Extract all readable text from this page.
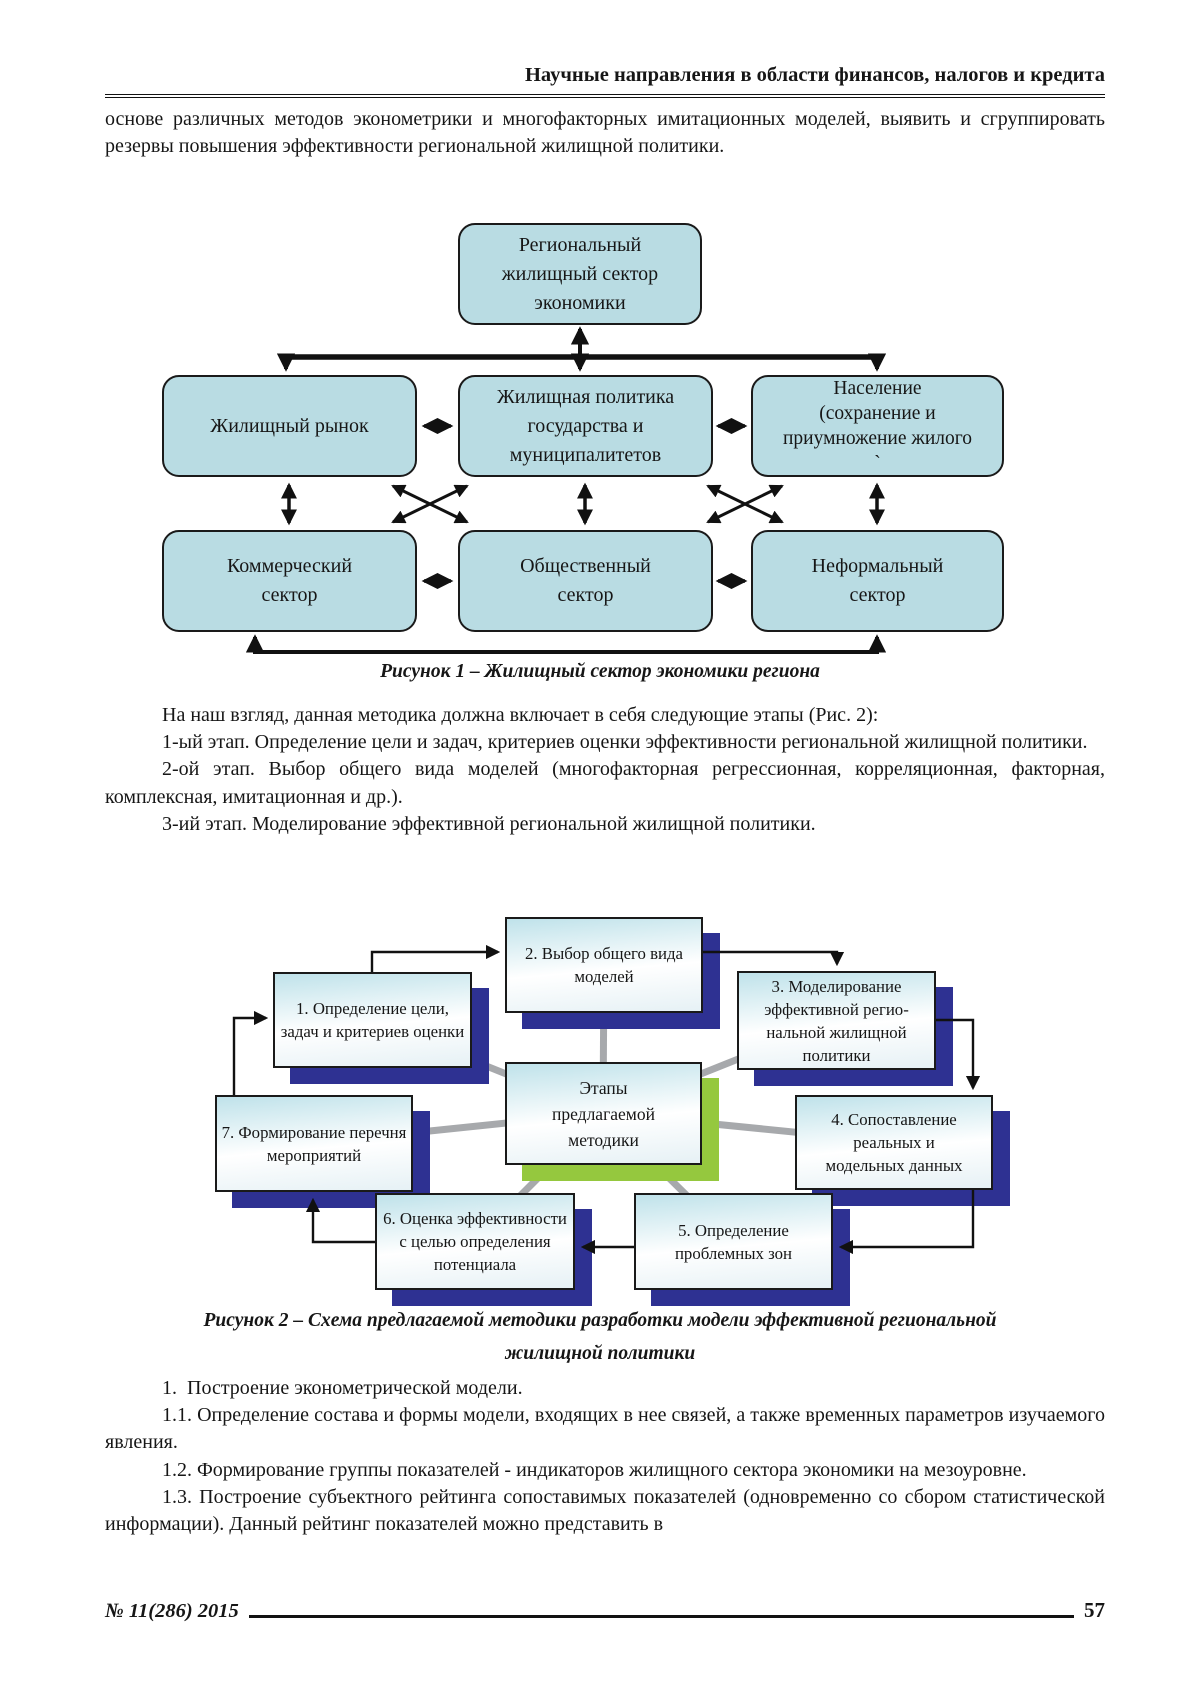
Научные направления в области финансов, налогов и кредита

основе различных методов эконометрики и многофакторных имитационных моделей, выявить и сгруппировать резервы повышения эффективности региональной жилищной политики.

Региональный
жилищный сектор
экономики
Жилищный рынок
Жилищная политика
государства и
муниципалитетов
Население
(сохранение и
приумножение жилого
`
Коммерческий
сектор
Общественный
сектор
Неформальный
сектор
Рисунок 1 – Жилищный сектор экономики региона

На наш взгляд, данная методика должна включает в себя следующие этапы (Рис. 2):

1-ый этап. Определение цели и задач, критериев оценки эффективности региональной жилищной политики.

2-ой этап. Выбор общего вида моделей (многофакторная регрессионная, корреляционная, факторная, комплексная, имитационная и др.).

3-ий этап. Моделирование эффективной региональной жилищной политики.

1. Определение цели,
задач и критериев оценки
2. Выбор общего вида
моделей	3. Моделирование
эффективной регио-
нальной жилищной
политики
4. Сопоставление
реальных и
модельных данных
5. Определение
проблемных зон
6. Оценка эффективности
с целью определения
потенциала
7. Формирование перечня
мероприятий
Этапы
предлагаемой
методики
Рисунок 2 – Схема предлагаемой методики разработки модели эффективной региональной
жилищной политики

1.  Построение эконометрической модели.

1.1. Определение состава и формы модели, входящих в нее связей, а также временных параметров изучаемого явления.

1.2. Формирование группы показателей - индикаторов жилищного сектора экономики на мезоуровне.

1.3. Построение субъектного рейтинга сопоставимых показателей (одновременно со сбором статистической информации). Данный рейтинг показателей можно представить в

№ 11(286) 2015	57
